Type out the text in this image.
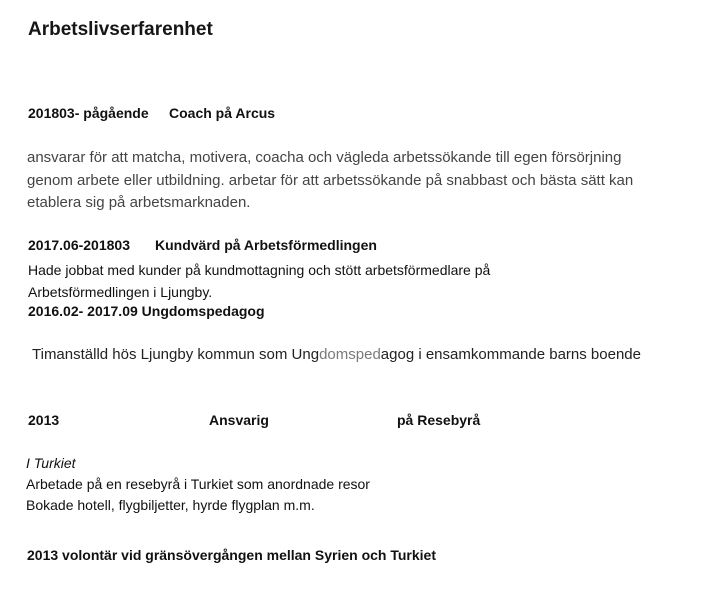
Arbetslivserfarenhet
201803- pågående Coach på Arcus
ansvarar för att matcha, motivera, coacha och vägleda arbetssökande till egen försörjning
genom arbete eller utbildning. arbetar för att arbetssökande på snabbast och bästa sätt kan
etablera sig på arbetsmarknaden.
2017.06-201803 Kundvärd på Arbetsförmedlingen
Hade jobbat med kunder på kundmottagning och stött arbetsförmedlare på
Arbetsförmedlingen i Ljungby.
2016.02- 2017.09 Ungdomspedagog
Timanställd hös Ljungby kommun som Ungdomspedagog i ensamkommande barns boende
2013	Ansvarig	på Resebyrå
I Turkiet
Arbetade på en resebyrå i Turkiet som anordnade resor
Bokade hotell, flygbiljetter, hyrde flygplan m.m.
2013 volontär vid gränsövergången mellan Syrien och Turkiet
